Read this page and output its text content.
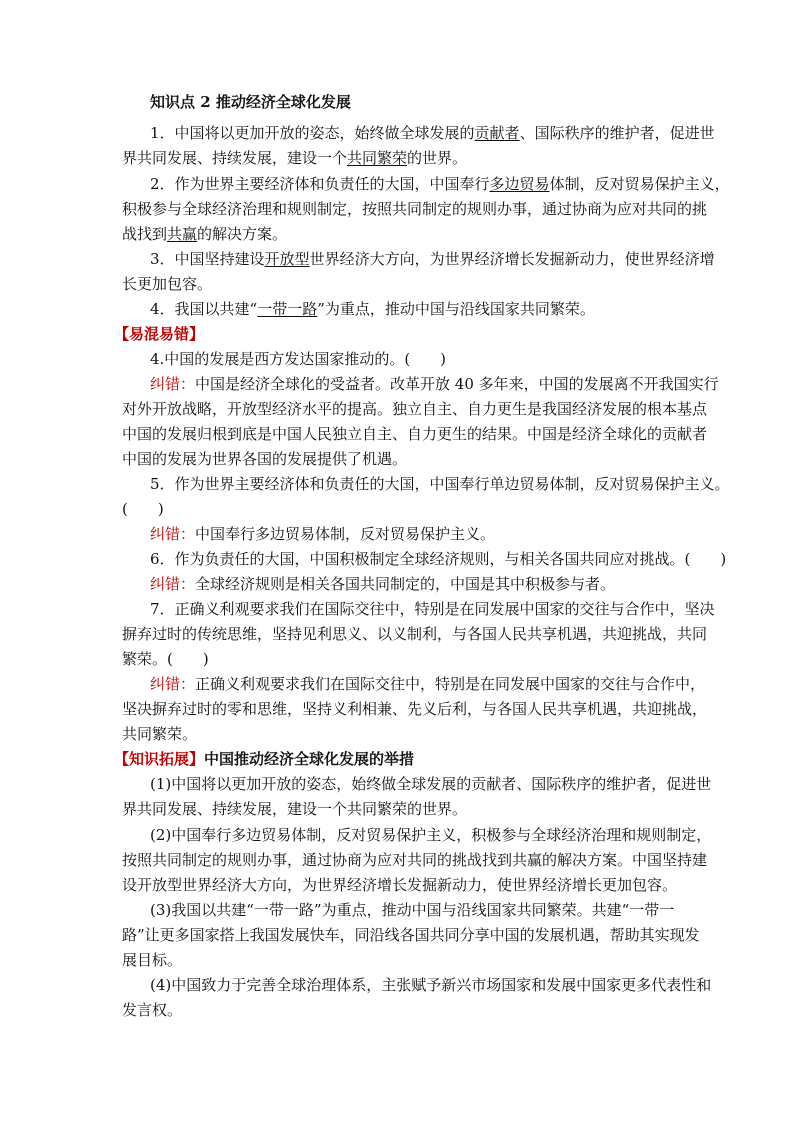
知识点 2 推动经济全球化发展
1．中国将以更加开放的姿态，始终做全球发展的贡献者、国际秩序的维护者，促进世
界共同发展、持续发展，建设一个共同繁荣的世界。
2．作为世界主要经济体和负责任的大国，中国奉行多边贸易体制，反对贸易保护主义，
积极参与全球经济治理和规则制定，按照共同制定的规则办事，通过协商为应对共同的挑
战找到共赢的解决方案。
3．中国坚持建设开放型世界经济大方向，为世界经济增长发掘新动力，使世界经济增
长更加包容。
4．我国以共建“一带一路”为重点，推动中国与沿线国家共同繁荣。
【易混易错】
4.中国的发展是西方发达国家推动的。(　　)
纠错：中国是经济全球化的受益者。改革开放 40 多年来，中国的发展离不开我国实行
对外开放战略，开放型经济水平的提高。独立自主、自力更生是我国经济发展的根本基点
中国的发展归根到底是中国人民独立自主、自力更生的结果。中国是经济全球化的贡献者
中国的发展为世界各国的发展提供了机遇。
5．作为世界主要经济体和负责任的大国，中国奉行单边贸易体制，反对贸易保护主义。
(　　)
纠错：中国奉行多边贸易体制，反对贸易保护主义。
6．作为负责任的大国，中国积极制定全球经济规则，与相关各国共同应对挑战。(　　)
纠错：全球经济规则是相关各国共同制定的，中国是其中积极参与者。
7．正确义利观要求我们在国际交往中，特别是在同发展中国家的交往与合作中，坚决
摒弃过时的传统思维，坚持见利思义、以义制利，与各国人民共享机遇，共迎挑战，共同
繁荣。(　　)
纠错：正确义利观要求我们在国际交往中，特别是在同发展中国家的交往与合作中，
坚决摒弃过时的零和思维，坚持义利相兼、先义后利，与各国人民共享机遇，共迎挑战，
共同繁荣。
【知识拓展】中国推动经济全球化发展的举措
(1)中国将以更加开放的姿态，始终做全球发展的贡献者、国际秩序的维护者，促进世
界共同发展、持续发展，建设一个共同繁荣的世界。
(2)中国奉行多边贸易体制，反对贸易保护主义，积极参与全球经济治理和规则制定，
按照共同制定的规则办事，通过协商为应对共同的挑战找到共赢的解决方案。中国坚持建
设开放型世界经济大方向，为世界经济增长发掘新动力，使世界经济增长更加包容。
(3)我国以共建“一带一路”为重点，推动中国与沿线国家共同繁荣。共建“一带一
路”让更多国家搭上我国发展快车，同沿线各国共同分享中国的发展机遇，帮助其实现发
展目标。
(4)中国致力于完善全球治理体系，主张赋予新兴市场国家和发展中国家更多代表性和
发言权。
